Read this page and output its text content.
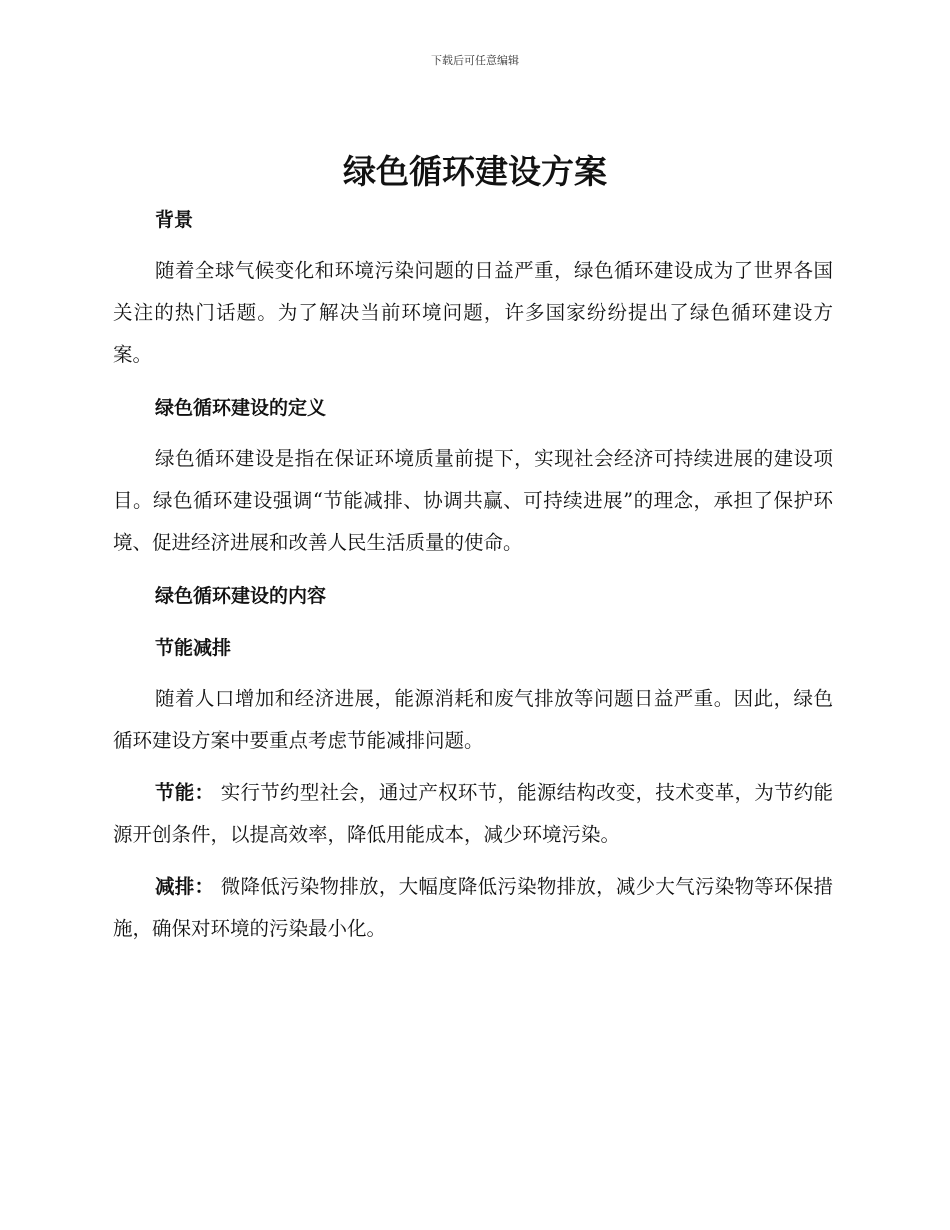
下载后可任意编辑
绿色循环建设方案
背景

随着全球气候变化和环境污染问题的日益严重，绿色循环建设成为了世界各国关注的热门话题。为了解决当前环境问题，许多国家纷纷提出了绿色循环建设方案。

绿色循环建设的定义

绿色循环建设是指在保证环境质量前提下，实现社会经济可持续进展的建设项目。绿色循环建设强调“节能减排、协调共赢、可持续进展”的理念，承担了保护环境、促进经济进展和改善人民生活质量的使命。

绿色循环建设的内容
节能减排

随着人口增加和经济进展，能源消耗和废气排放等问题日益严重。因此，绿色循环建设方案中要重点考虑节能减排问题。

节能： 实行节约型社会，通过产权环节，能源结构改变，技术变革，为节约能源开创条件，以提高效率，降低用能成本，减少环境污染。

减排： 微降低污染物排放，大幅度降低污染物排放，减少大气污染物等环保措施，确保对环境的污染最小化。
